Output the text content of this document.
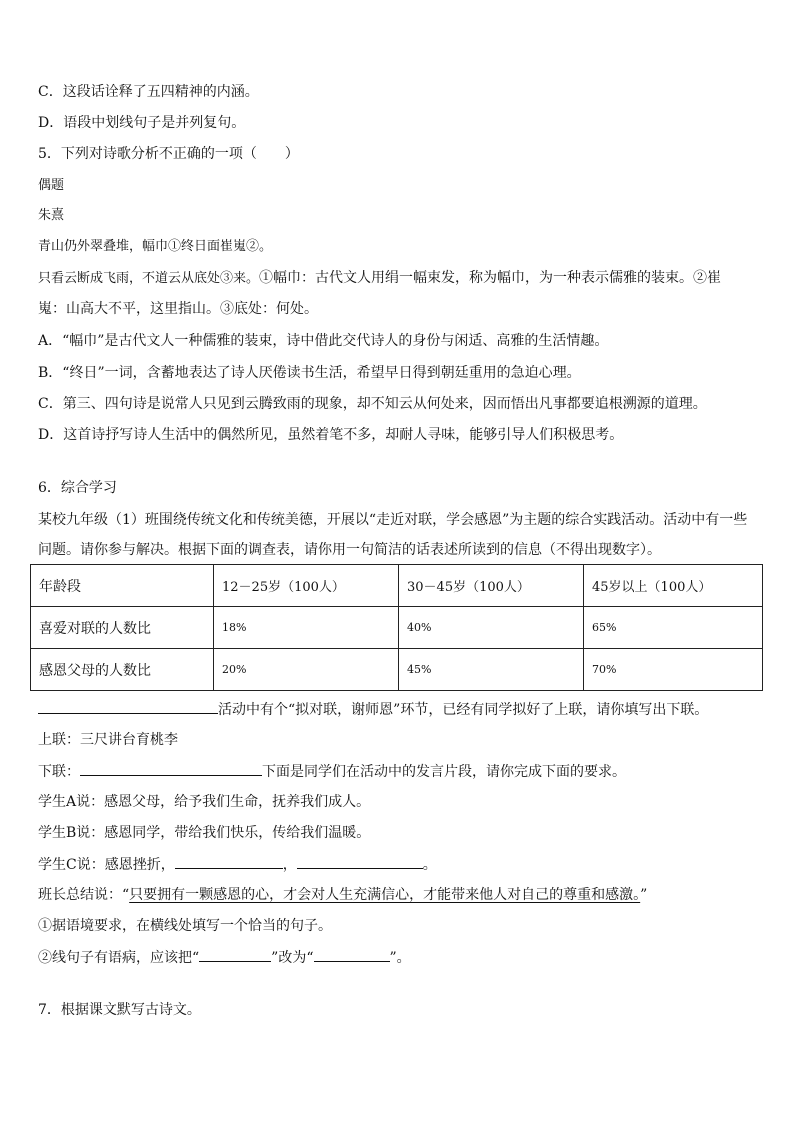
C．这段话诠释了五四精神的内涵。
D．语段中划线句子是并列复句。
5．下列对诗歌分析不正确的一项（　　）
偶题
朱熹
青山仍外翠叠堆，幅巾①终日面崔嵬②。
只看云断成飞雨，不道云从底处③来。①幅巾：古代文人用绢一幅束发，称为幅巾，为一种表示儒雅的装束。②崔
嵬：山高大不平，这里指山。③底处：何处。
A．“幅巾”是古代文人一种儒雅的装束，诗中借此交代诗人的身份与闲适、高雅的生活情趣。
B．“终日”一词，含蓄地表达了诗人厌倦读书生活，希望早日得到朝廷重用的急迫心理。
C．第三、四句诗是说常人只见到云腾致雨的现象，却不知云从何处来，因而悟出凡事都要追根溯源的道理。
D．这首诗抒写诗人生活中的偶然所见，虽然着笔不多，却耐人寻味，能够引导人们积极思考。
6．综合学习
某校九年级（1）班围绕传统文化和传统美德，开展以“走近对联，学会感恩”为主题的综合实践活动。活动中有一些
问题。请你参与解决。根据下面的调查表，请你用一句简洁的话表述所读到的信息（不得出现数字）。
年龄段	12－25岁（100人）	30－45岁（100人）	45岁以上（100人）
喜爱对联的人数比	18%	40%	65%
感恩父母的人数比	20%	45%	70%
活动中有个“拟对联，谢师恩”环节，已经有同学拟好了上联，请你填写出下联。
上联：三尺讲台育桃李
下联：	下面是同学们在活动中的发言片段，请你完成下面的要求。
学生A说：感恩父母，给予我们生命，抚养我们成人。
学生B说：感恩同学，带给我们快乐，传给我们温暖。
学生C说：感恩挫折，	，	。
班长总结说：“只要拥有一颗感恩的心，才会对人生充满信心，才能带来他人对自己的尊重和感激。”
①据语境要求，在横线处填写一个恰当的句子。
②线句子有语病，应该把“	”改为“	”。
7．根据课文默写古诗文。
